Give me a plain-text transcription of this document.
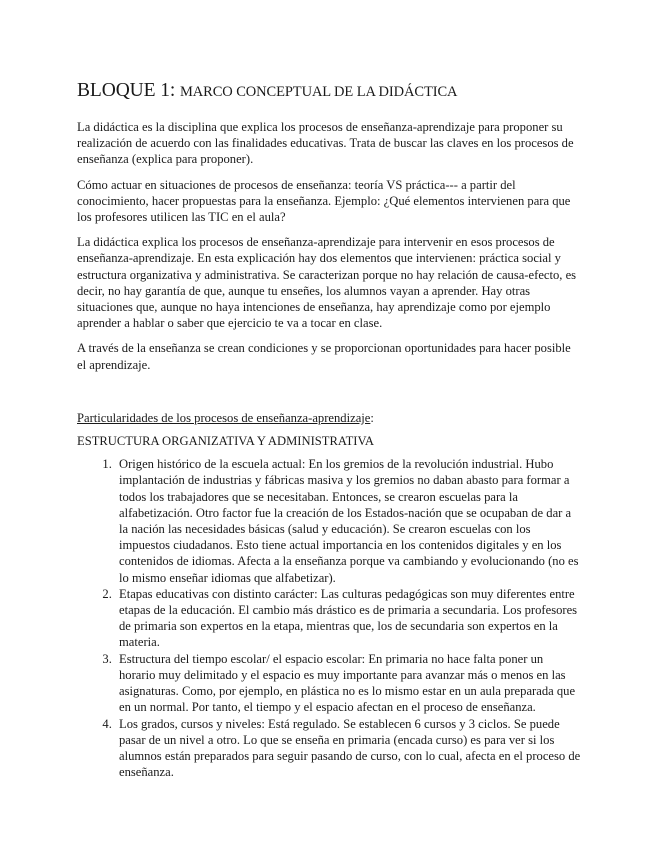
BLOQUE 1: MARCO CONCEPTUAL DE LA DIDÁCTICA

La didáctica es la disciplina que explica los procesos de enseñanza-aprendizaje para proponer su realización de acuerdo con las finalidades educativas. Trata de buscar las claves en los procesos de enseñanza (explica para proponer).

Cómo actuar en situaciones de procesos de enseñanza: teoría VS práctica--- a partir del conocimiento, hacer propuestas para la enseñanza. Ejemplo: ¿Qué elementos intervienen para que los profesores utilicen las TIC en el aula?

La didáctica explica los procesos de enseñanza-aprendizaje para intervenir en esos procesos de enseñanza-aprendizaje. En esta explicación hay dos elementos que intervienen: práctica social y estructura organizativa y administrativa. Se caracterizan porque no hay relación de causa-efecto, es decir, no hay garantía de que, aunque tu enseñes, los alumnos vayan a aprender. Hay otras situaciones que, aunque no haya intenciones de enseñanza, hay aprendizaje como por ejemplo aprender a hablar o saber que ejercicio te va a tocar en clase.

A través de la enseñanza se crean condiciones y se proporcionan oportunidades para hacer posible el aprendizaje.

Particularidades de los procesos de enseñanza-aprendizaje:

ESTRUCTURA ORGANIZATIVA Y ADMINISTRATIVA
1. Origen histórico de la escuela actual: En los gremios de la revolución industrial. Hubo implantación de industrias y fábricas masiva y los gremios no daban abasto para formar a todos los trabajadores que se necesitaban. Entonces, se crearon escuelas para la alfabetización. Otro factor fue la creación de los Estados-nación que se ocupaban de dar a la nación las necesidades básicas (salud y educación). Se crearon escuelas con los impuestos ciudadanos. Esto tiene actual importancia en los contenidos digitales y en los contenidos de idiomas. Afecta a la enseñanza porque va cambiando y evolucionando (no es lo mismo enseñar idiomas que alfabetizar).
2. Etapas educativas con distinto carácter: Las culturas pedagógicas son muy diferentes entre etapas de la educación. El cambio más drástico es de primaria a secundaria. Los profesores de primaria son expertos en la etapa, mientras que, los de secundaria son expertos en la materia.
3. Estructura del tiempo escolar/ el espacio escolar: En primaria no hace falta poner un horario muy delimitado y el espacio es muy importante para avanzar más o menos en las asignaturas. Como, por ejemplo, en plástica no es lo mismo estar en un aula preparada que en un normal. Por tanto, el tiempo y el espacio afectan en el proceso de enseñanza.
4. Los grados, cursos y niveles: Está regulado. Se establecen 6 cursos y 3 ciclos. Se puede pasar de un nivel a otro. Lo que se enseña en primaria (encada curso) es para ver si los alumnos están preparados para seguir pasando de curso, con lo cual, afecta en el proceso de enseñanza.
